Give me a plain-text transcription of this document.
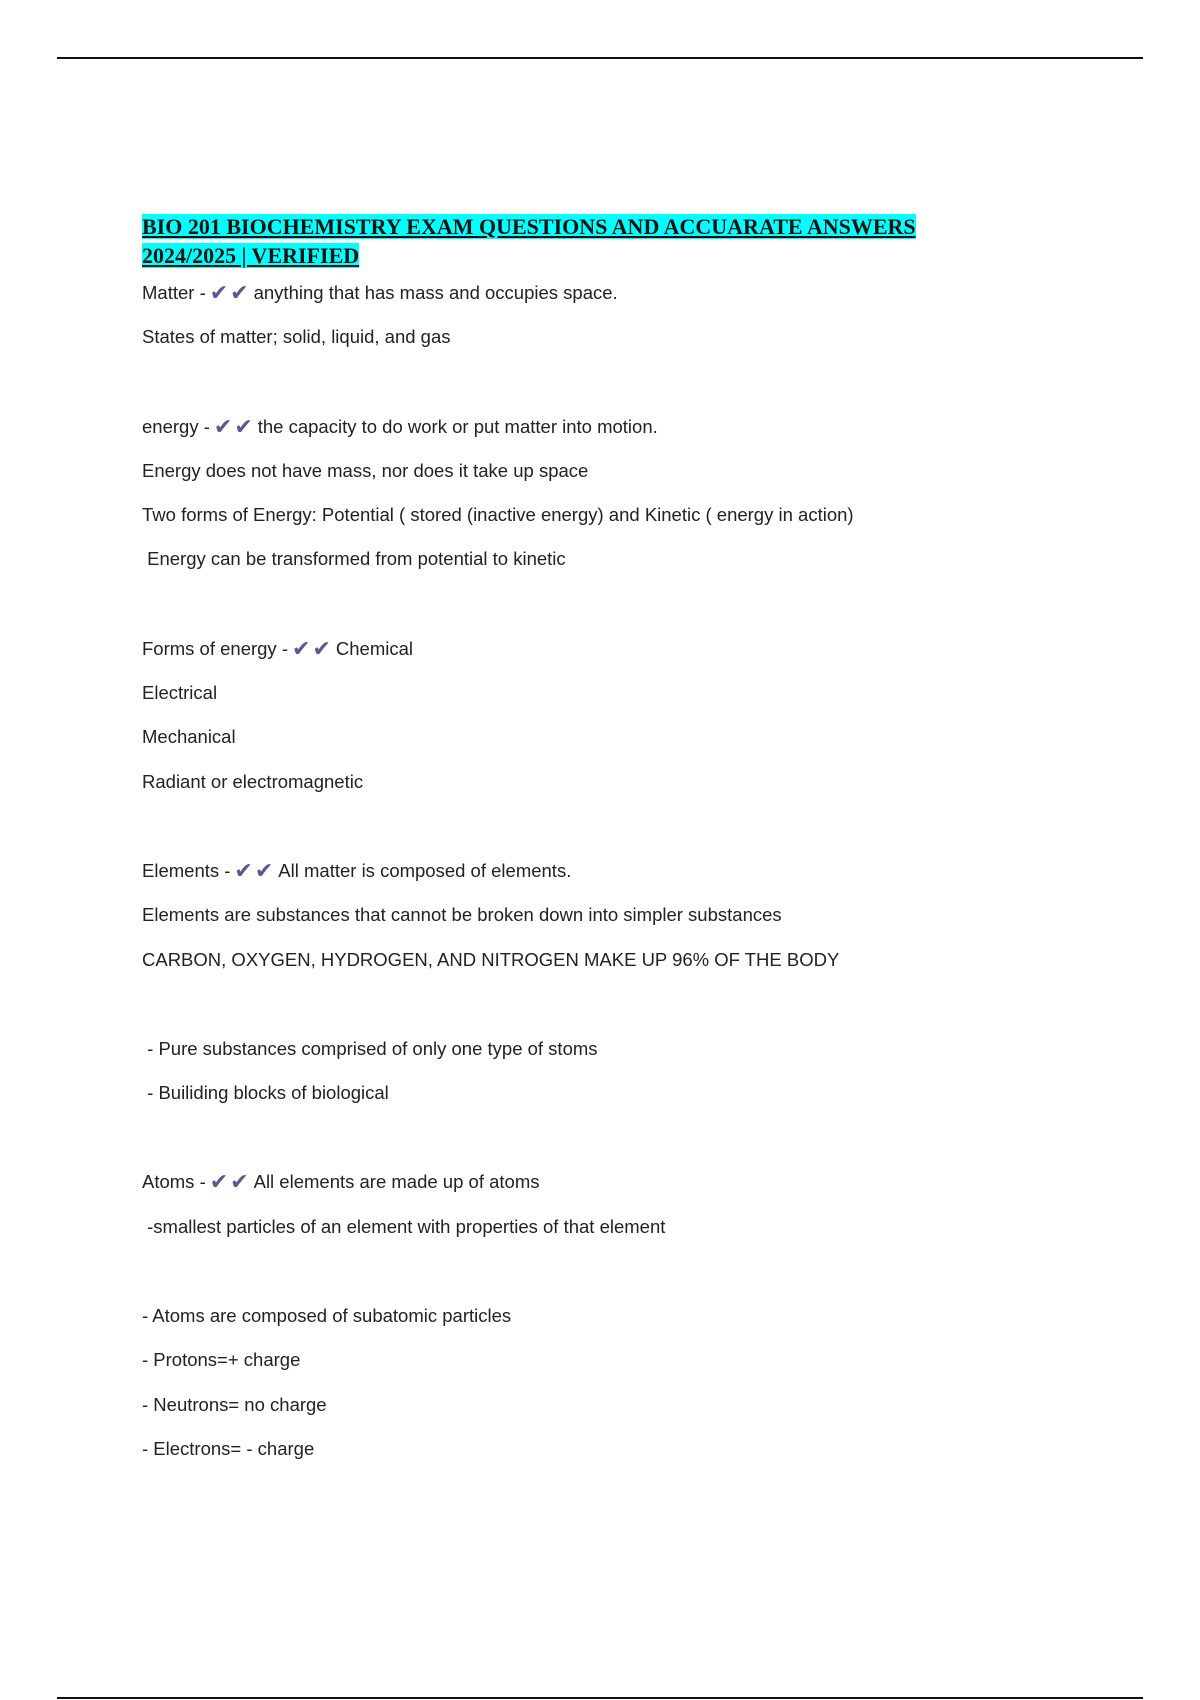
BIO 201 BIOCHEMISTRY EXAM QUESTIONS AND ACCUARATE ANSWERS
2024/2025 | VERIFIED
Matter - ✔✔ anything that has mass and occupies space.
States of matter; solid, liquid, and gas
energy - ✔✔ the capacity to do work or put matter into motion.
Energy does not have mass, nor does it take up space
Two forms of Energy: Potential ( stored (inactive energy) and Kinetic ( energy in action)
Energy can be transformed from potential to kinetic
Forms of energy - ✔✔ Chemical
Electrical
Mechanical
Radiant or electromagnetic
Elements - ✔✔ All matter is composed of elements.
Elements are substances that cannot be broken down into simpler substances
CARBON, OXYGEN, HYDROGEN, AND NITROGEN MAKE UP 96% OF THE BODY
- Pure substances comprised of only one type of stoms
- Builiding blocks of biological
Atoms - ✔✔ All elements are made up of atoms
-smallest particles of an element with properties of that element
- Atoms are composed of subatomic particles
- Protons=+ charge
- Neutrons= no charge
- Electrons= - charge
